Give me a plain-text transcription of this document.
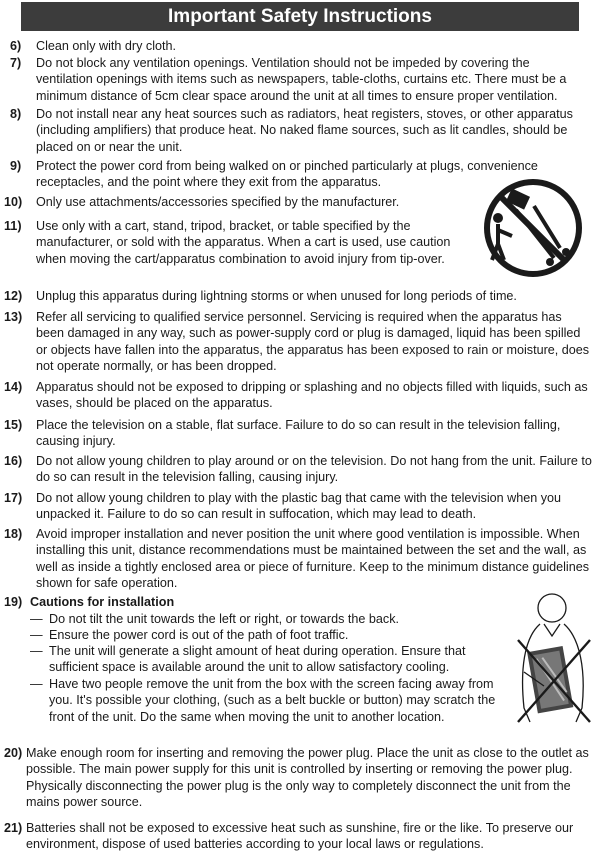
Important Safety Instructions
6) Clean only with dry cloth.
7) Do not block any ventilation openings. Ventilation should not be impeded by covering the ventilation openings with items such as newspapers, table-cloths, curtains etc. There must be a minimum distance of 5cm clear space around the unit at all times to ensure proper ventilation.
8) Do not install near any heat sources such as radiators, heat registers, stoves, or other apparatus (including amplifiers) that produce heat. No naked flame sources, such as lit candles, should be placed on or near the unit.
9) Protect the power cord from being walked on or pinched particularly at plugs, convenience receptacles, and the point where they exit from the apparatus.
10) Only use attachments/accessories specified by the manufacturer.
11) Use only with a cart, stand, tripod, bracket, or table specified by the manufacturer, or sold with the apparatus. When a cart is used, use caution when moving the cart/apparatus combination to avoid injury from tip-over.
12) Unplug this apparatus during lightning storms or when unused for long periods of time.
13) Refer all servicing to qualified service personnel. Servicing is required when the apparatus has been damaged in any way, such as power-supply cord or plug is damaged, liquid has been spilled or objects have fallen into the apparatus, the apparatus has been exposed to rain or moisture, does not operate normally, or has been dropped.
14) Apparatus should not be exposed to dripping or splashing and no objects filled with liquids, such as vases, should be placed on the apparatus.
15) Place the television on a stable, flat surface. Failure to do so can result in the television falling, causing injury.
16) Do not allow young children to play around or on the television. Do not hang from the unit. Failure to do so can result in the television falling, causing injury.
17) Do not allow young children to play with the plastic bag that came with the television when you unpacked it. Failure to do so can result in suffocation, which may lead to death.
18) Avoid improper installation and never position the unit where good ventilation is impossible. When installing this unit, distance recommendations must be maintained between the set and the wall, as well as inside a tightly enclosed area or piece of furniture. Keep to the minimum distance guidelines shown for safe operation.
19) Cautions for installation
— Do not tilt the unit towards the left or right, or towards the back.
— Ensure the power cord is out of the path of foot traffic.
— The unit will generate a slight amount of heat during operation. Ensure that sufficient space is available around the unit to allow satisfactory cooling.
— Have two people remove the unit from the box with the screen facing away from you. It's possible your clothing, (such as a belt buckle or button) may scratch the front of the unit. Do the same when moving the unit to another location.
20) Make enough room for inserting and removing the power plug. Place the unit as close to the outlet as possible. The main power supply for this unit is controlled by inserting or removing the power plug. Physically disconnecting the power plug is the only way to completely disconnect the unit from the mains power source.
21) Batteries shall not be exposed to excessive heat such as sunshine, fire or the like. To preserve our environment, dispose of used batteries according to your local laws or regulations.
